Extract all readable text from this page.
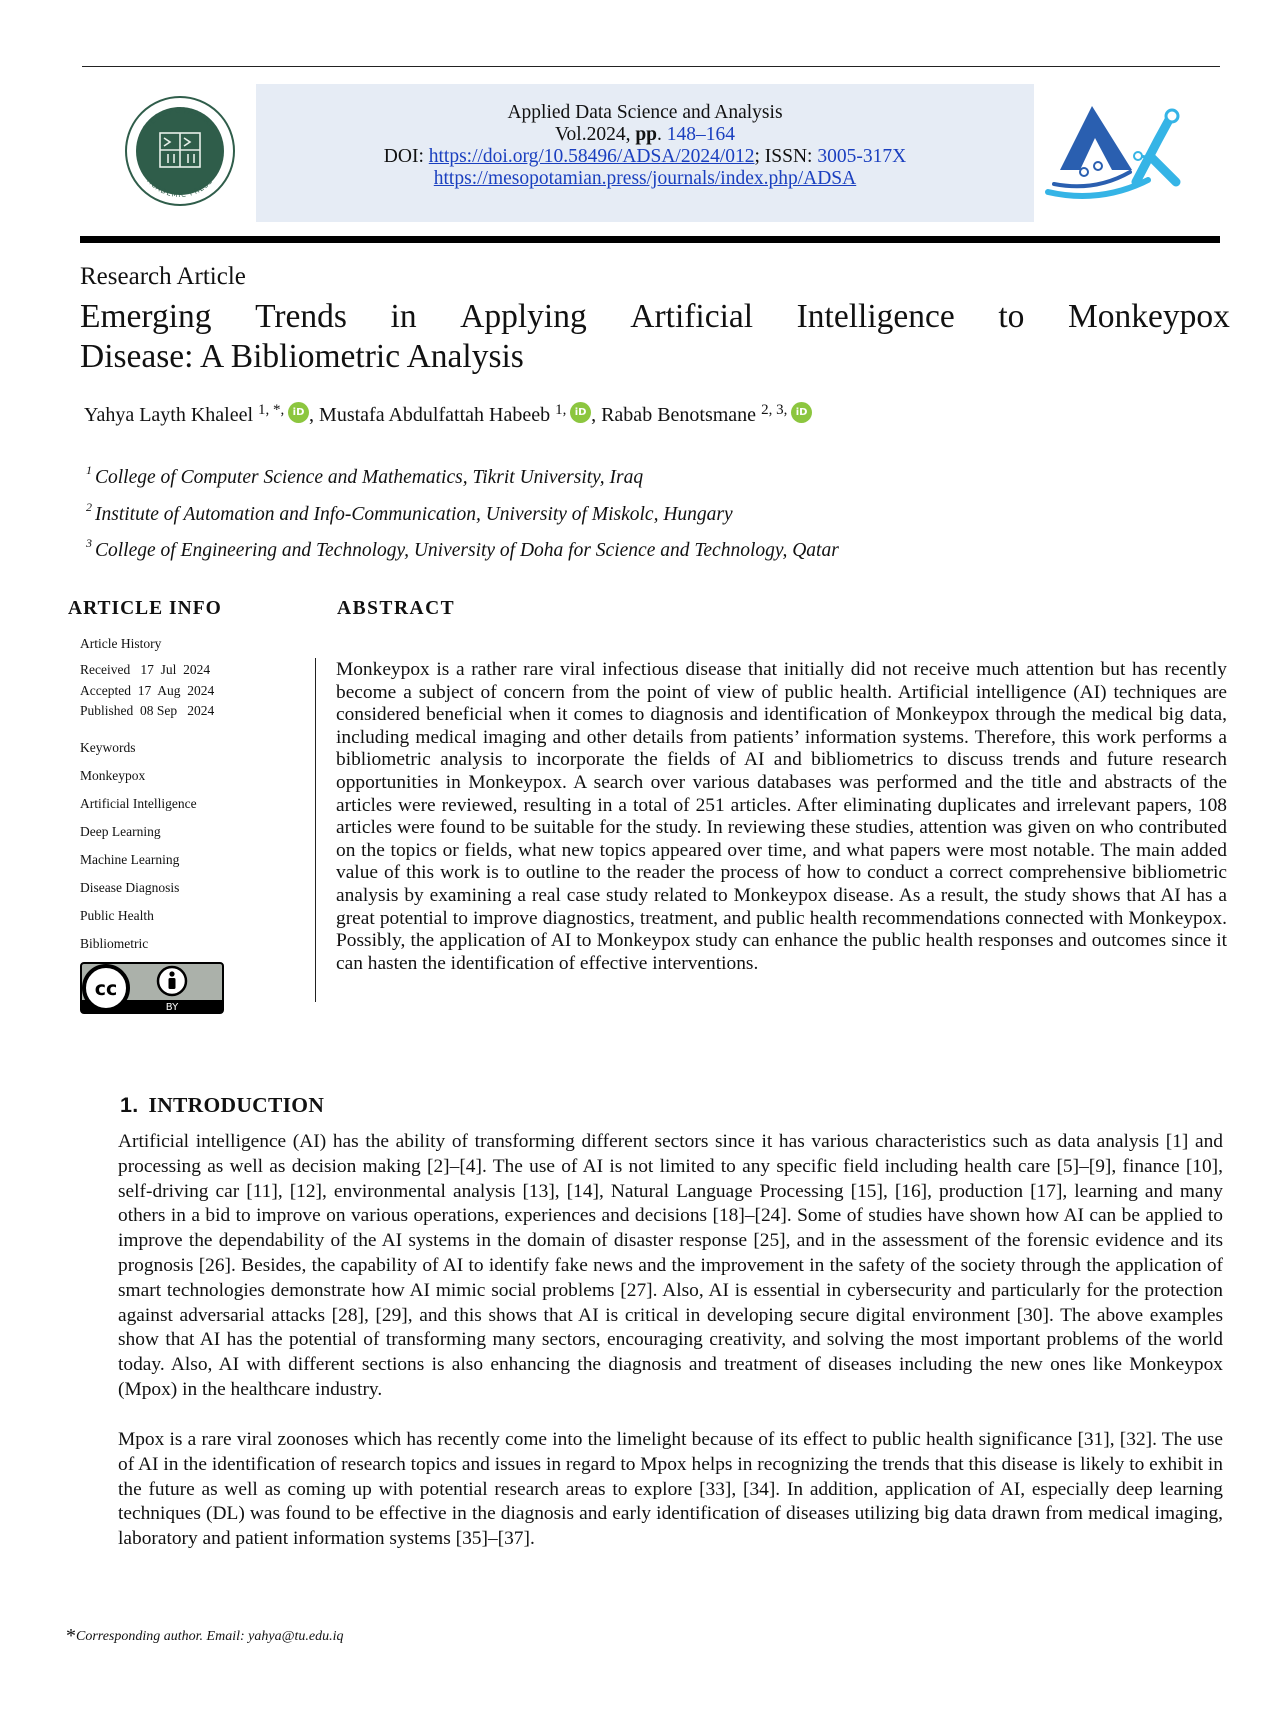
MESOPOTAMIAN
ACADEMIC PRESS
Applied Data Science and Analysis
Vol.2024, pp. 148–164
DOI: https://doi.org/10.58496/ADSA/2024/012; ISSN: 3005-317X
https://mesopotamian.press/journals/index.php/ADSA
Research Article
Emerging Trends in Applying Artificial Intelligence to Monkeypox
Disease: A Bibliometric Analysis
Yahya Layth Khaleel $^{1, *,}$ iD , Mustafa Abdulfattah Habeeb $^{1,}$ iD , Rabab Benotsmane $^{2, 3,}$ iD
$^1$ College of Computer Science and Mathematics, Tikrit University, Iraq
$^2$ Institute of Automation and Info-Communication, University of Miskolc, Hungary
$^3$ College of Engineering and Technology, University of Doha for Science and Technology, Qatar
ARTICLE INFO	ABSTRACT
Article History
Received   17  Jul  2024
Accepted  17  Aug  2024
Published  08 Sep   2024
Keywords
Monkeypox
Artificial Intelligence
Deep Learning
Machine Learning
Disease Diagnosis
Public Health
Bibliometric
cc
BY
Monkeypox is a rather rare viral infectious disease that initially did not receive much attention but has recently become a subject of concern from the point of view of public health. Artificial intelligence (AI) techniques are considered beneficial when it comes to diagnosis and identification of Monkeypox through the medical big data, including medical imaging and other details from patients’ information systems. Therefore, this work performs a bibliometric analysis to incorporate the fields of AI and bibliometrics to discuss trends and future research opportunities in Monkeypox. A search over various databases was performed and the title and abstracts of the articles were reviewed, resulting in a total of 251 articles. After eliminating duplicates and irrelevant papers, 108 articles were found to be suitable for the study. In reviewing these studies, attention was given on who contributed on the topics or fields, what new topics appeared over time, and what papers were most notable. The main added value of this work is to outline to the reader the process of how to conduct a correct comprehensive bibliometric analysis by examining a real case study related to Monkeypox disease. As a result, the study shows that AI has a great potential to improve diagnostics, treatment, and public health recommendations connected with Monkeypox. Possibly, the application of AI to Monkeypox study can enhance the public health responses and outcomes since it can hasten the identification of effective interventions.
1. INTRODUCTION
Artificial intelligence (AI) has the ability of transforming different sectors since it has various characteristics such as data analysis [1] and processing as well as decision making [2]–[4]. The use of AI is not limited to any specific field including health care [5]–[9], finance [10], self-driving car [11], [12], environmental analysis [13], [14], Natural Language Processing [15], [16], production [17], learning and many others in a bid to improve on various operations, experiences and decisions [18]–[24]. Some of studies have shown how AI can be applied to improve the dependability of the AI systems in the domain of disaster response [25], and in the assessment of the forensic evidence and its prognosis [26]. Besides, the capability of AI to identify fake news and the improvement in the safety of the society through the application of smart technologies demonstrate how AI mimic social problems [27]. Also, AI is essential in cybersecurity and particularly for the protection against adversarial attacks [28], [29], and this shows that AI is critical in developing secure digital environment [30]. The above examples show that AI has the potential of transforming many sectors, encouraging creativity, and solving the most important problems of the world today. Also, AI with different sections is also enhancing the diagnosis and treatment of diseases including the new ones like Monkeypox (Mpox) in the healthcare industry.
Mpox is a rare viral zoonoses which has recently come into the limelight because of its effect to public health significance [31], [32]. The use of AI in the identification of research topics and issues in regard to Mpox helps in recognizing the trends that this disease is likely to exhibit in the future as well as coming up with potential research areas to explore [33], [34]. In addition, application of AI, especially deep learning techniques (DL) was found to be effective in the diagnosis and early identification of diseases utilizing big data drawn from medical imaging, laboratory and patient information systems [35]–[37].
*Corresponding author. Email: yahya@tu.edu.iq
